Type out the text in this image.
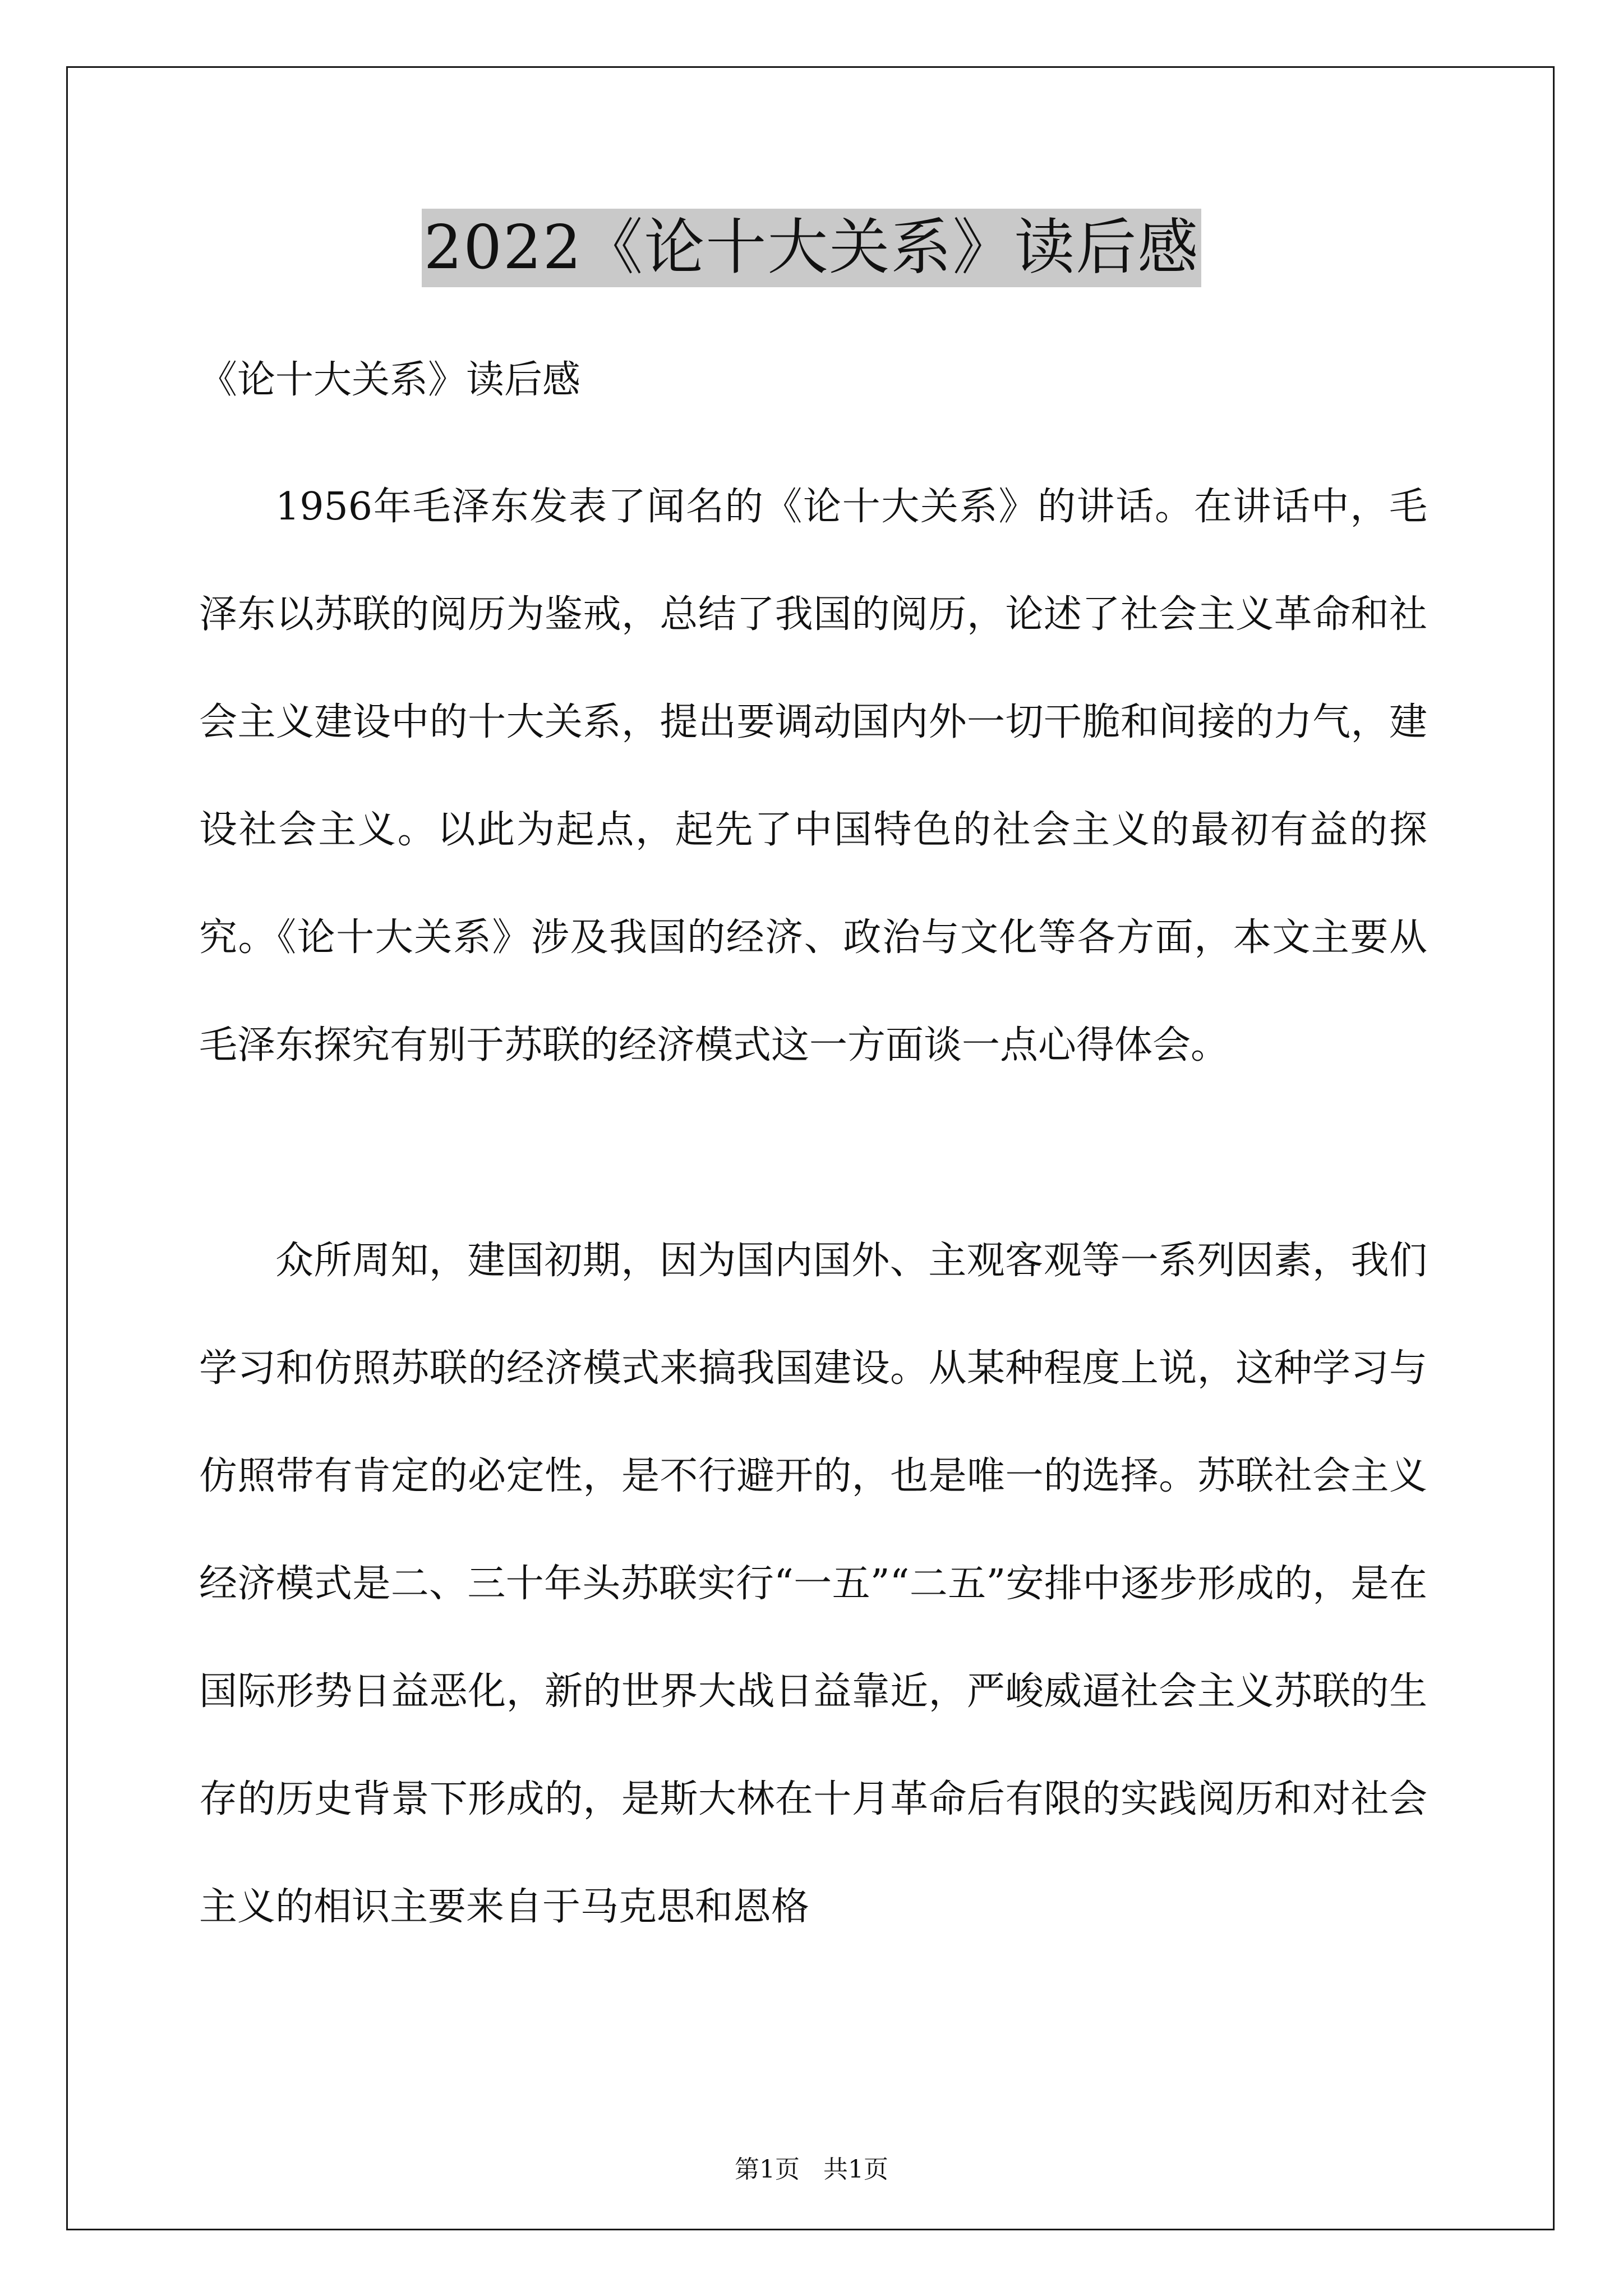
2022《论十大关系》读后感
《论十大关系》读后感

1956年毛泽东发表了闻名的《论十大关系》的讲话。在讲话中，毛泽东以苏联的阅历为鉴戒，总结了我国的阅历，论述了社会主义革命和社会主义建设中的十大关系，提出要调动国内外一切干脆和间接的力气，建设社会主义。以此为起点，起先了中国特色的社会主义的最初有益的探究。《论十大关系》涉及我国的经济、政治与文化等各方面，本文主要从毛泽东探究有别于苏联的经济模式这一方面谈一点心得体会。

众所周知，建国初期，因为国内国外、主观客观等一系列因素，我们学习和仿照苏联的经济模式来搞我国建设。从某种程度上说，这种学习与仿照带有肯定的必定性，是不行避开的，也是唯一的选择。苏联社会主义经济模式是二、三十年头苏联实行“一五”“二五”安排中逐步形成的，是在国际形势日益恶化，新的世界大战日益靠近，严峻威逼社会主义苏联的生存的历史背景下形成的，是斯大林在十月革命后有限的实践阅历和对社会主义的相识主要来自于马克思和恩格

第1页   共1页
